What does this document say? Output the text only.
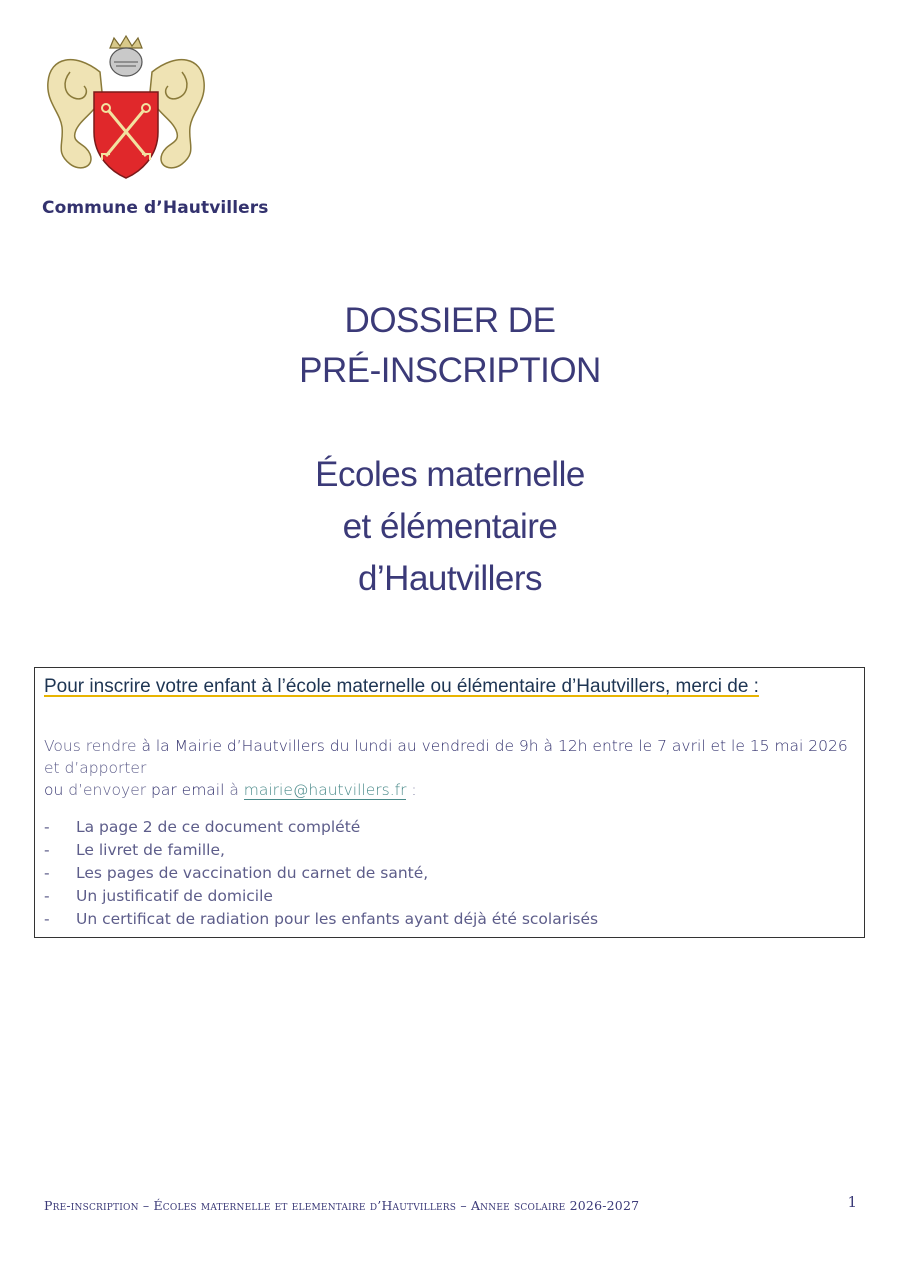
Commune d’Hautvillers
DOSSIER DE
PRÉ-INSCRIPTION
Écoles maternelle
et élémentaire
d’Hautvillers
Pour inscrire votre enfant à l’école maternelle ou élémentaire d’Hautvillers, merci de :
Vous rendre à la Mairie d’Hautvillers du lundi au vendredi de 9h à 12h entre le 7 avril et le 15 mai 2026 et d’apporter
ou d’envoyer par email à mairie@hautvillers.fr :
- La page 2 de ce document complété
- Le livret de famille,
- Les pages de vaccination du carnet de santé,
- Un justificatif de domicile
- Un certificat de radiation pour les enfants ayant déjà été scolarisés
Pre-inscription – Écoles maternelle et elementaire d’Hautvillers – Annee scolaire 2026-2027	1
